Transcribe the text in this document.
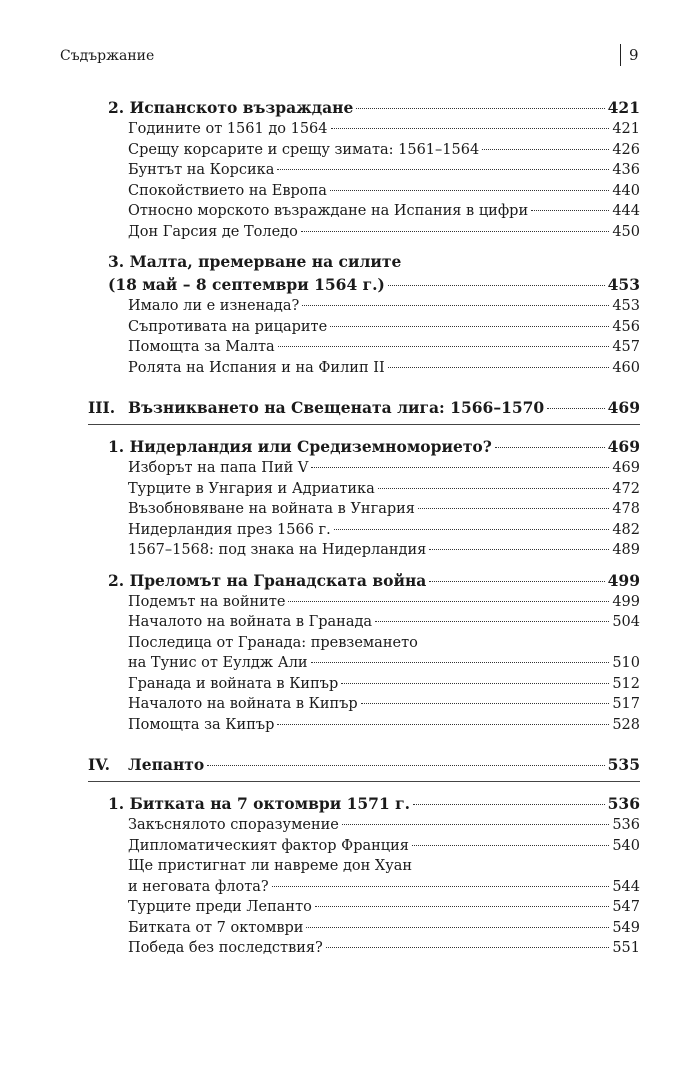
Съдържание	9
2. Испанското възраждане	421
Годините от 1561 до 1564	421
Срещу корсарите и срещу зимата: 1561–1564	426
Бунтът на Корсика	436
Спокойствието на Европа	440
Относно морското възраждане на Испания в цифри	444
Дон Гарсия де Толедо	450
3. Малта, премерване на силите
(18 май – 8 септември 1564 г.)	453
Имало ли е изненада?	453
Съпротивата на рицарите	456
Помощта за Малта	457
Ролята на Испания и на Филип II	460
III. Възникването на Свещената лига: 1566–1570	469
1. Нидерландия или Средиземноморието?	469
Изборът на папа Пий V	469
Турците в Унгария и Адриатика	472
Възобновяване на войната в Унгария	478
Нидерландия през 1566 г.	482
1567–1568: под знака на Нидерландия	489
2. Преломът на Гранадската война	499
Подемът на войните	499
Началото на войната в Гранада	504
Последица от Гранада: превземането
на Тунис от Еулдж Али	510
Гранада и войната в Кипър	512
Началото на войната в Кипър	517
Помощта за Кипър	528
IV.	Лепанто	535
1. Битката на 7 октомври 1571 г.	536
Закъснялото споразумение	536
Дипломатическият фактор Франция	540
Ще пристигнат ли навреме дон Хуан
и неговата флота?	544
Турците преди Лепанто	547
Битката от 7 октомври	549
Победа без последствия?	551
